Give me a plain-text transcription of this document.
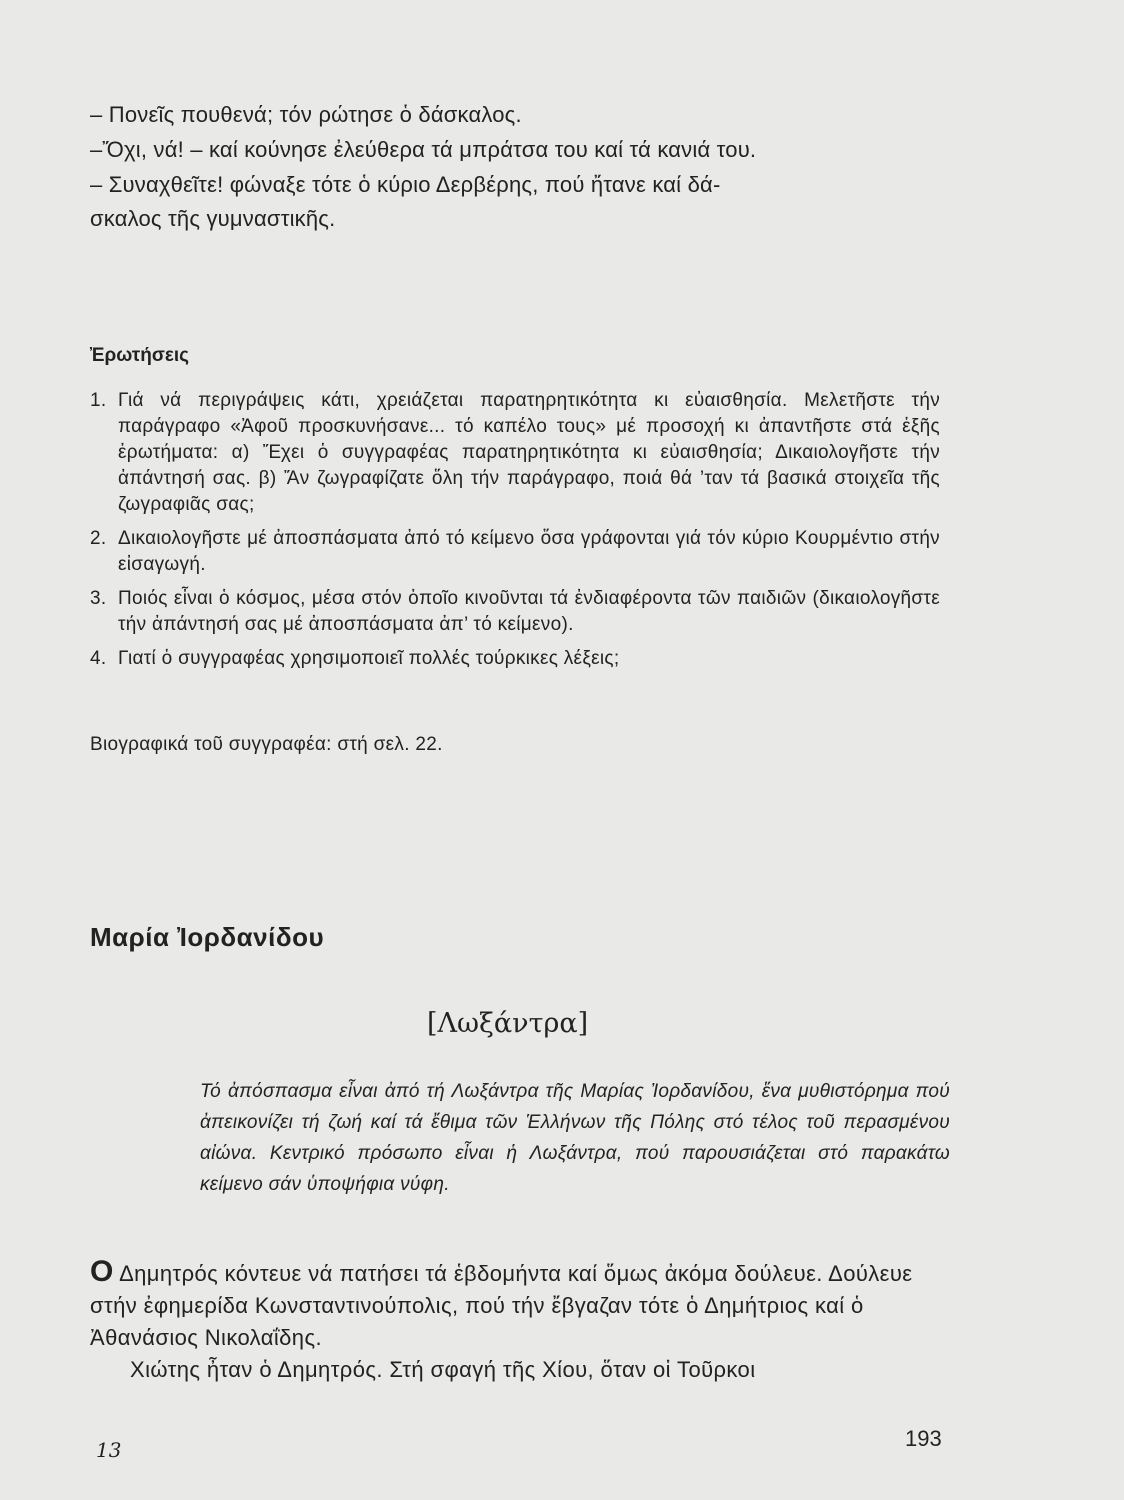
– Πονεῖς πουθενά; τόν ρώτησε ὁ δάσκαλος.
–Ὄχι, νά! – καί κούνησε ἐλεύθερα τά μπράτσα του καί τά κανιά του.
– Συναχθεῖτε! φώναξε τότε ὁ κύριο Δερβέρης, πού ἤτανε καί δά-
σκαλος τῆς γυμναστικῆς.
Ἐρωτήσεις
1. Γιά νά περιγράψεις κάτι, χρειάζεται παρατηρητικότητα κι εὐαισθησία. Μελετῆστε τήν παράγραφο «Ἀφοῦ προσκυνήσανε... τό καπέλο τους» μέ προσοχή κι ἀπαντῆστε στά ἑξῆς ἐρωτήματα: α) Ἔχει ὁ συγγραφέας παρατηρητικότητα κι εὐαισθησία; Δικαιολογῆστε τήν ἀπάντησή σας. β) Ἄν ζωγραφίζατε ὅλη τήν παράγραφο, ποιά θά ’ταν τά βασικά στοιχεῖα τῆς ζωγραφιᾶς σας;
2. Δικαιολογῆστε μέ ἀποσπάσματα ἀπό τό κείμενο ὅσα γράφονται γιά τόν κύριο Κουρμέντιο στήν εἰσαγωγή.
3. Ποιός εἶναι ὁ κόσμος, μέσα στόν ὁποῖο κινοῦνται τά ἐνδιαφέροντα τῶν παιδιῶν (δικαιολογῆστε τήν ἀπάντησή σας μέ ἀποσπάσματα ἀπ’ τό κείμενο).
4. Γιατί ὁ συγγραφέας χρησιμοποιεῖ πολλές τούρκικες λέξεις;
Βιογραφικά τοῦ συγγραφέα: στή σελ. 22.
Μαρία Ἰορδανίδου
[Λωξάντρα]
Τό ἀπόσπασμα εἶναι ἀπό τή Λωξάντρα τῆς Μαρίας Ἰορδανίδου, ἕνα μυθιστόρημα πού ἀπεικονίζει τή ζωή καί τά ἔθιμα τῶν Ἑλλήνων τῆς Πόλης στό τέλος τοῦ περασμένου αἰώνα. Κεντρικό πρόσωπο εἶναι ἡ Λωξάντρα, πού παρουσιάζεται στό παρακάτω κείμενο σάν ὑποψήφια νύφη.

Ο Δημητρός κόντευε νά πατήσει τά ἑβδομήντα καί ὅμως ἀκόμα δούλευε. Δούλευε στήν ἐφημερίδα Κωνσταντινούπολις, πού τήν ἔβγαζαν τότε ὁ Δημήτριος καί ὁ Ἀθανάσιος Νικολαΐδης.

Χιώτης ἦταν ὁ Δημητρός. Στή σφαγή τῆς Χίου, ὅταν οἱ Τοῦρκοι

13	193
